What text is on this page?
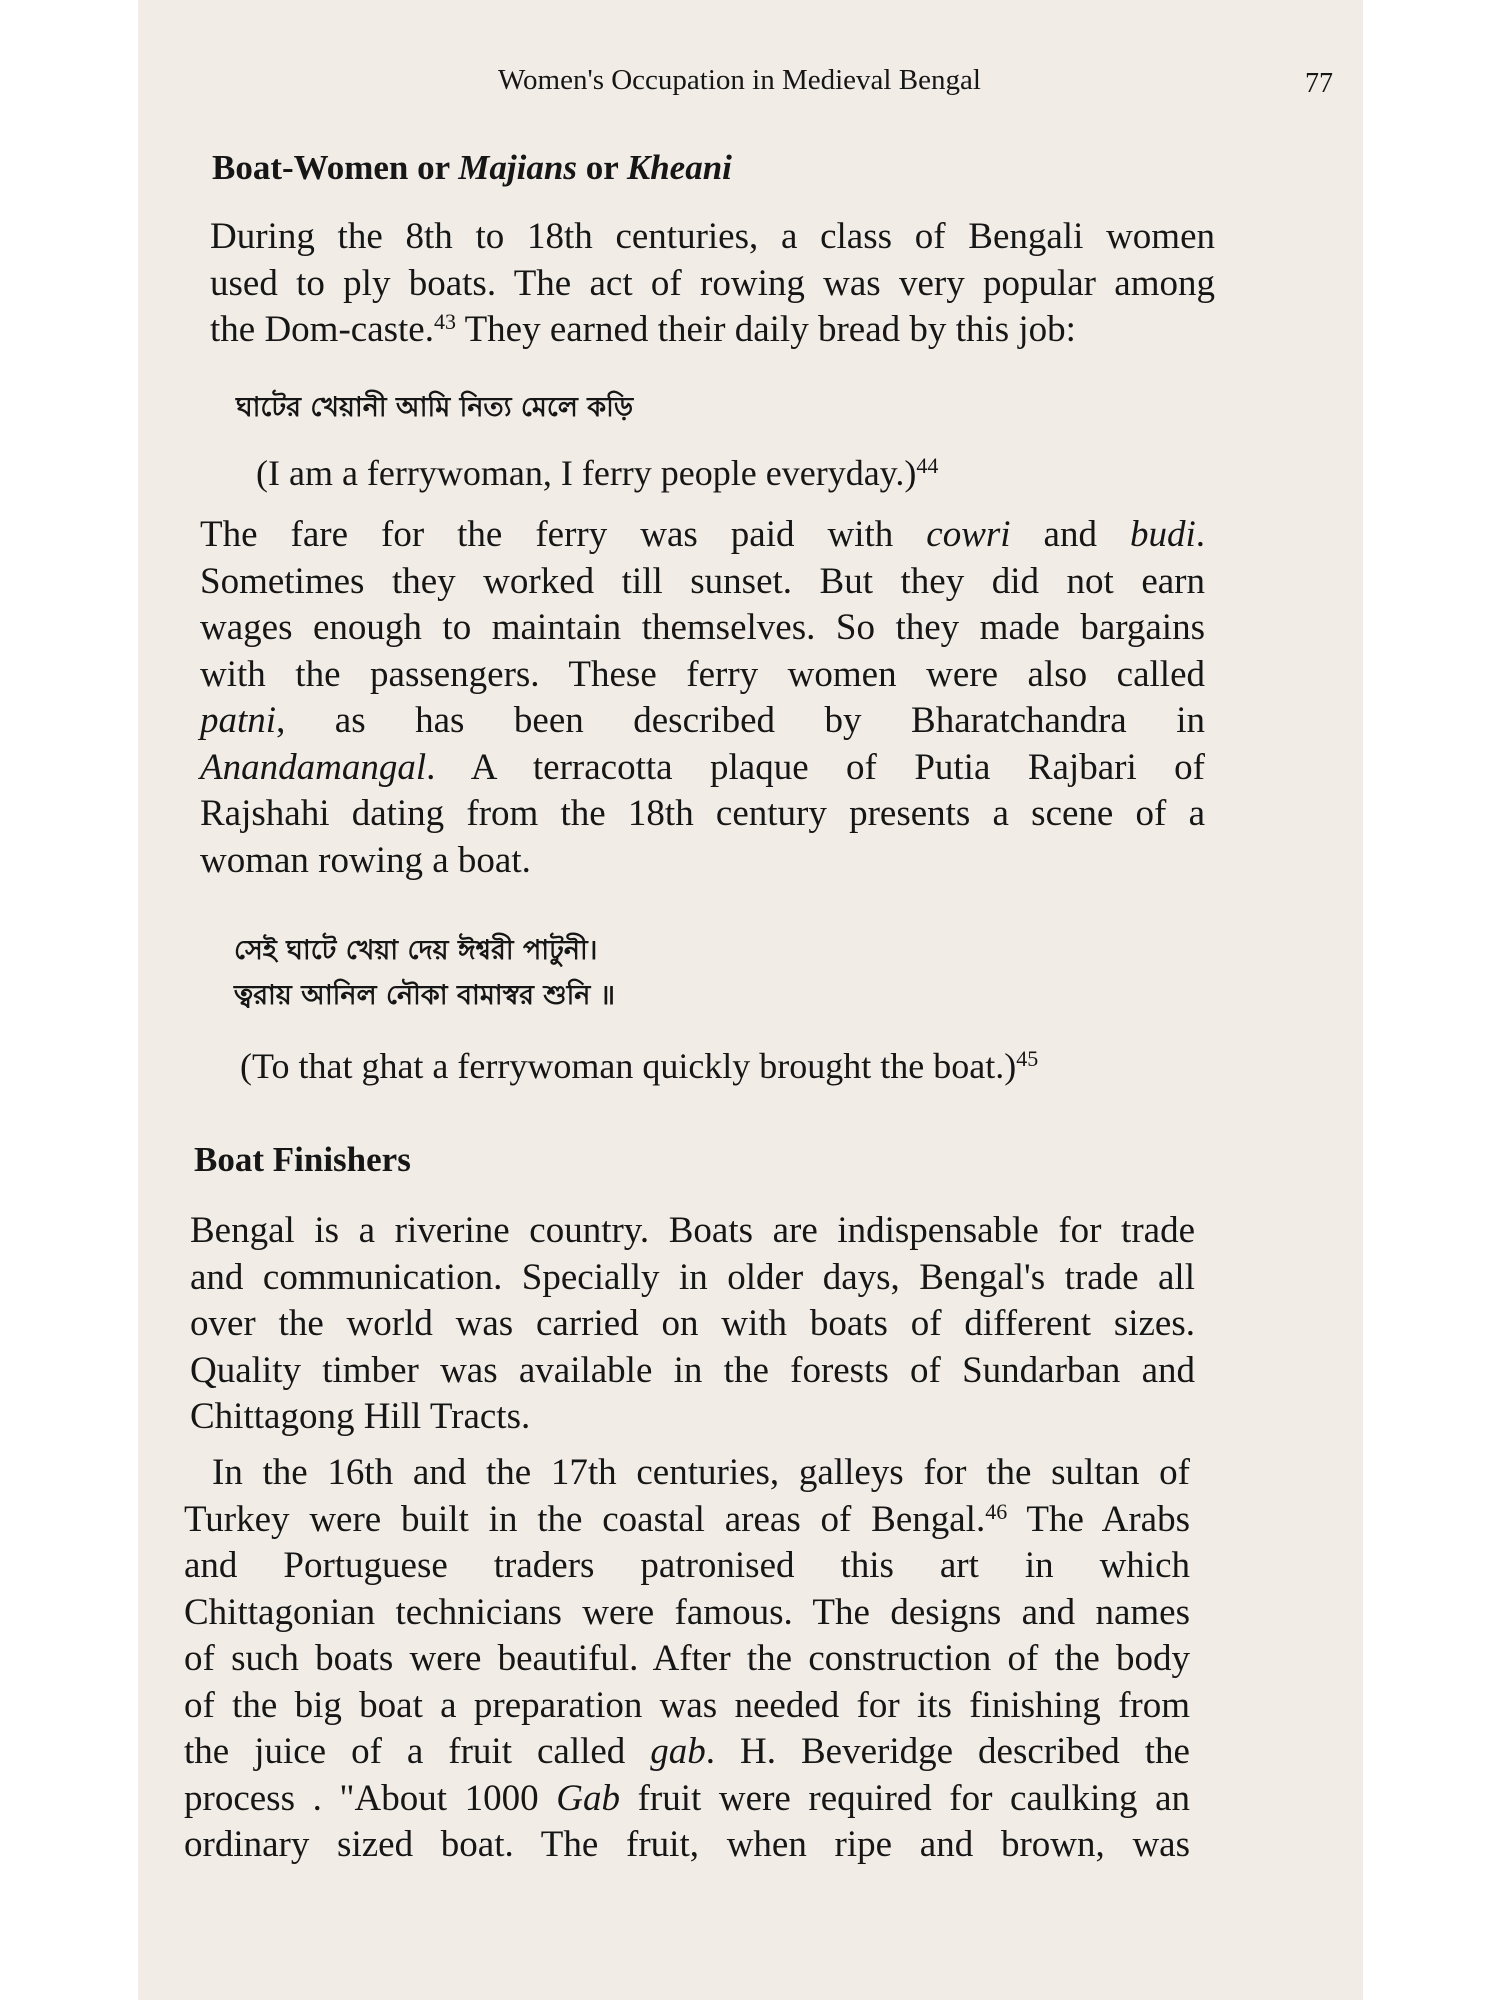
Women's Occupation in Medieval Bengal	77
Boat-Women or Majians or Kheani
During the 8th to 18th centuries, a class of Bengali women
used to ply boats. The act of rowing was very popular among
the Dom-caste.$^{43}$ They earned their daily bread by this job:
ঘাটের খেয়ানী আমি নিত্য মেলে কড়ি
(I am a ferrywoman, I ferry people everyday.)$^{44}$
The fare for the ferry was paid with cowri and budi.
Sometimes they worked till sunset. But they did not earn
wages enough to maintain themselves. So they made bargains
with the passengers. These ferry women were also called
patni, as has been described by Bharatchandra in
Anandamangal. A terracotta plaque of Putia Rajbari of
Rajshahi dating from the 18th century presents a scene of a
woman rowing a boat.
সেই ঘাটে খেয়া দেয় ঈশ্বরী পাটুনী।
ত্বরায় আনিল নৌকা বামাস্বর শুনি ॥
(To that ghat a ferrywoman quickly brought the boat.)$^{45}$
Boat Finishers
Bengal is a riverine country. Boats are indispensable for trade
and communication. Specially in older days, Bengal's trade all
over the world was carried on with boats of different sizes.
Quality timber was available in the forests of Sundarban and
Chittagong Hill Tracts.
In the 16th and the 17th centuries, galleys for the sultan of
Turkey were built in the coastal areas of Bengal.$^{46}$ The Arabs
and Portuguese traders patronised this art in which
Chittagonian technicians were famous. The designs and names
of such boats were beautiful. After the construction of the body
of the big boat a preparation was needed for its finishing from
the juice of a fruit called gab. H. Beveridge described the
process . "About 1000 Gab fruit were required for caulking an
ordinary sized boat. The fruit, when ripe and brown, was
